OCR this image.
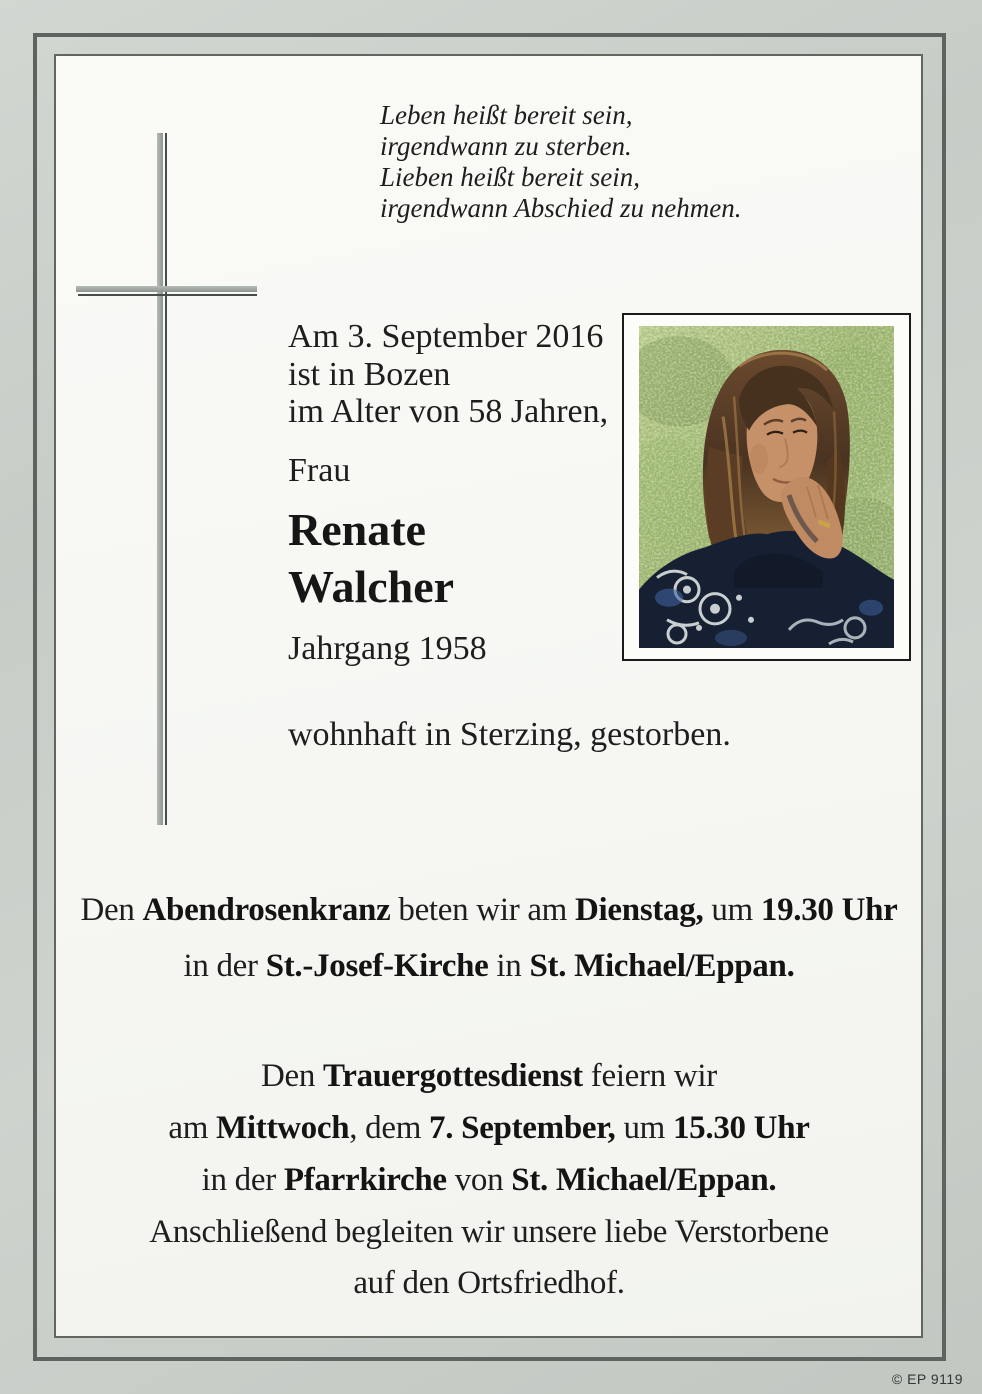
Leben heißt bereit sein,
irgendwann zu sterben.
Lieben heißt bereit sein,
irgendwann Abschied zu nehmen.
Am 3. September 2016
ist in Bozen
im Alter von 58 Jahren,
Frau
Renate
Walcher
Jahrgang 1958
wohnhaft in Sterzing, gestorben.
Den Abendrosenkranz beten wir am Dienstag, um 19.30 Uhr
in der St.-Josef-Kirche in St. Michael/Eppan.
Den Trauergottesdienst feiern wir
am Mittwoch, dem 7. September, um 15.30 Uhr
in der Pfarrkirche von St. Michael/Eppan.
Anschließend begleiten wir unsere liebe Verstorbene
auf den Ortsfriedhof.
© EP 9119
